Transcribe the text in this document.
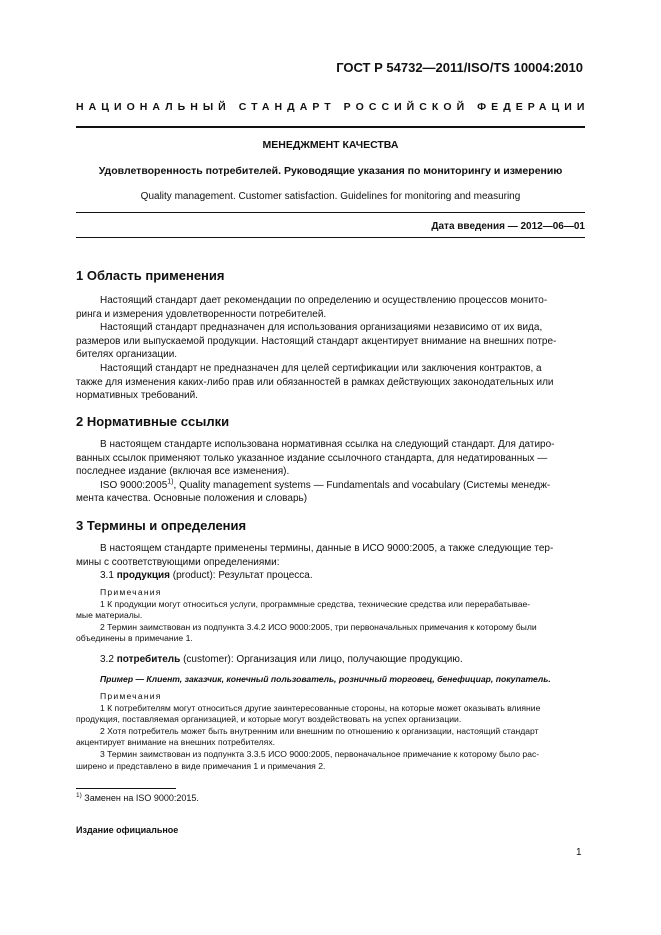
ГОСТ Р 54732—2011/ISO/TS 10004:2010
НАЦИОНАЛЬНЫЙ СТАНДАРТ РОССИЙСКОЙ ФЕДЕРАЦИИ
МЕНЕДЖМЕНТ КАЧЕСТВА
Удовлетворенность потребителей. Руководящие указания по мониторингу и измерению
Quality management. Customer satisfaction. Guidelines for monitoring and measuring
Дата введения — 2012—06—01
1 Область применения
Настоящий стандарт дает рекомендации по определению и осуществлению процессов монито-
ринга и измерения удовлетворенности потребителей.
Настоящий стандарт предназначен для использования организациями независимо от их вида,
размеров или выпускаемой продукции. Настоящий стандарт акцентирует внимание на внешних потре-
бителях организации.
Настоящий стандарт не предназначен для целей сертификации или заключения контрактов, а
также для изменения каких-либо прав или обязанностей в рамках действующих законодательных или
нормативных требований.
2 Нормативные ссылки
В настоящем стандарте использована нормативная ссылка на следующий стандарт. Для датиро-
ванных ссылок применяют только указанное издание ссылочного стандарта, для недатированных —
последнее издание (включая все изменения).
ISO 9000:2005$^{1)}$, Quality management systems — Fundamentals and vocabulary (Системы менедж-
мента качества. Основные положения и словарь)
3 Термины и определения
В настоящем стандарте применены термины, данные в ИСО 9000:2005, а также следующие тер-
мины с соответствующими определениями:
3.1 продукция (product): Результат процесса.
Примечания
1 К продукции могут относиться услуги, программные средства, технические средства или перерабатывае-
мые материалы.
2 Термин заимствован из подпункта 3.4.2 ИСО 9000:2005, три первоначальных примечания к которому были
объединены в примечание 1.
3.2 потребитель (customer): Организация или лицо, получающие продукцию.
Пример — Клиент, заказчик, конечный пользователь, розничный торговец, бенефициар, покупатель.
Примечания
1 К потребителям могут относиться другие заинтересованные стороны, на которые может оказывать влияние
продукция, поставляемая организацией, и которые могут воздействовать на успех организации.
2 Хотя потребитель может быть внутренним или внешним по отношению к организации, настоящий стандарт
акцентирует внимание на внешних потребителях.
3 Термин заимствован из подпункта 3.3.5 ИСО 9000:2005, первоначальное примечание к которому было рас-
ширено и представлено в виде примечания 1 и примечания 2.
$^{1)}$ Заменен на ISO 9000:2015.
Издание официальное
1
